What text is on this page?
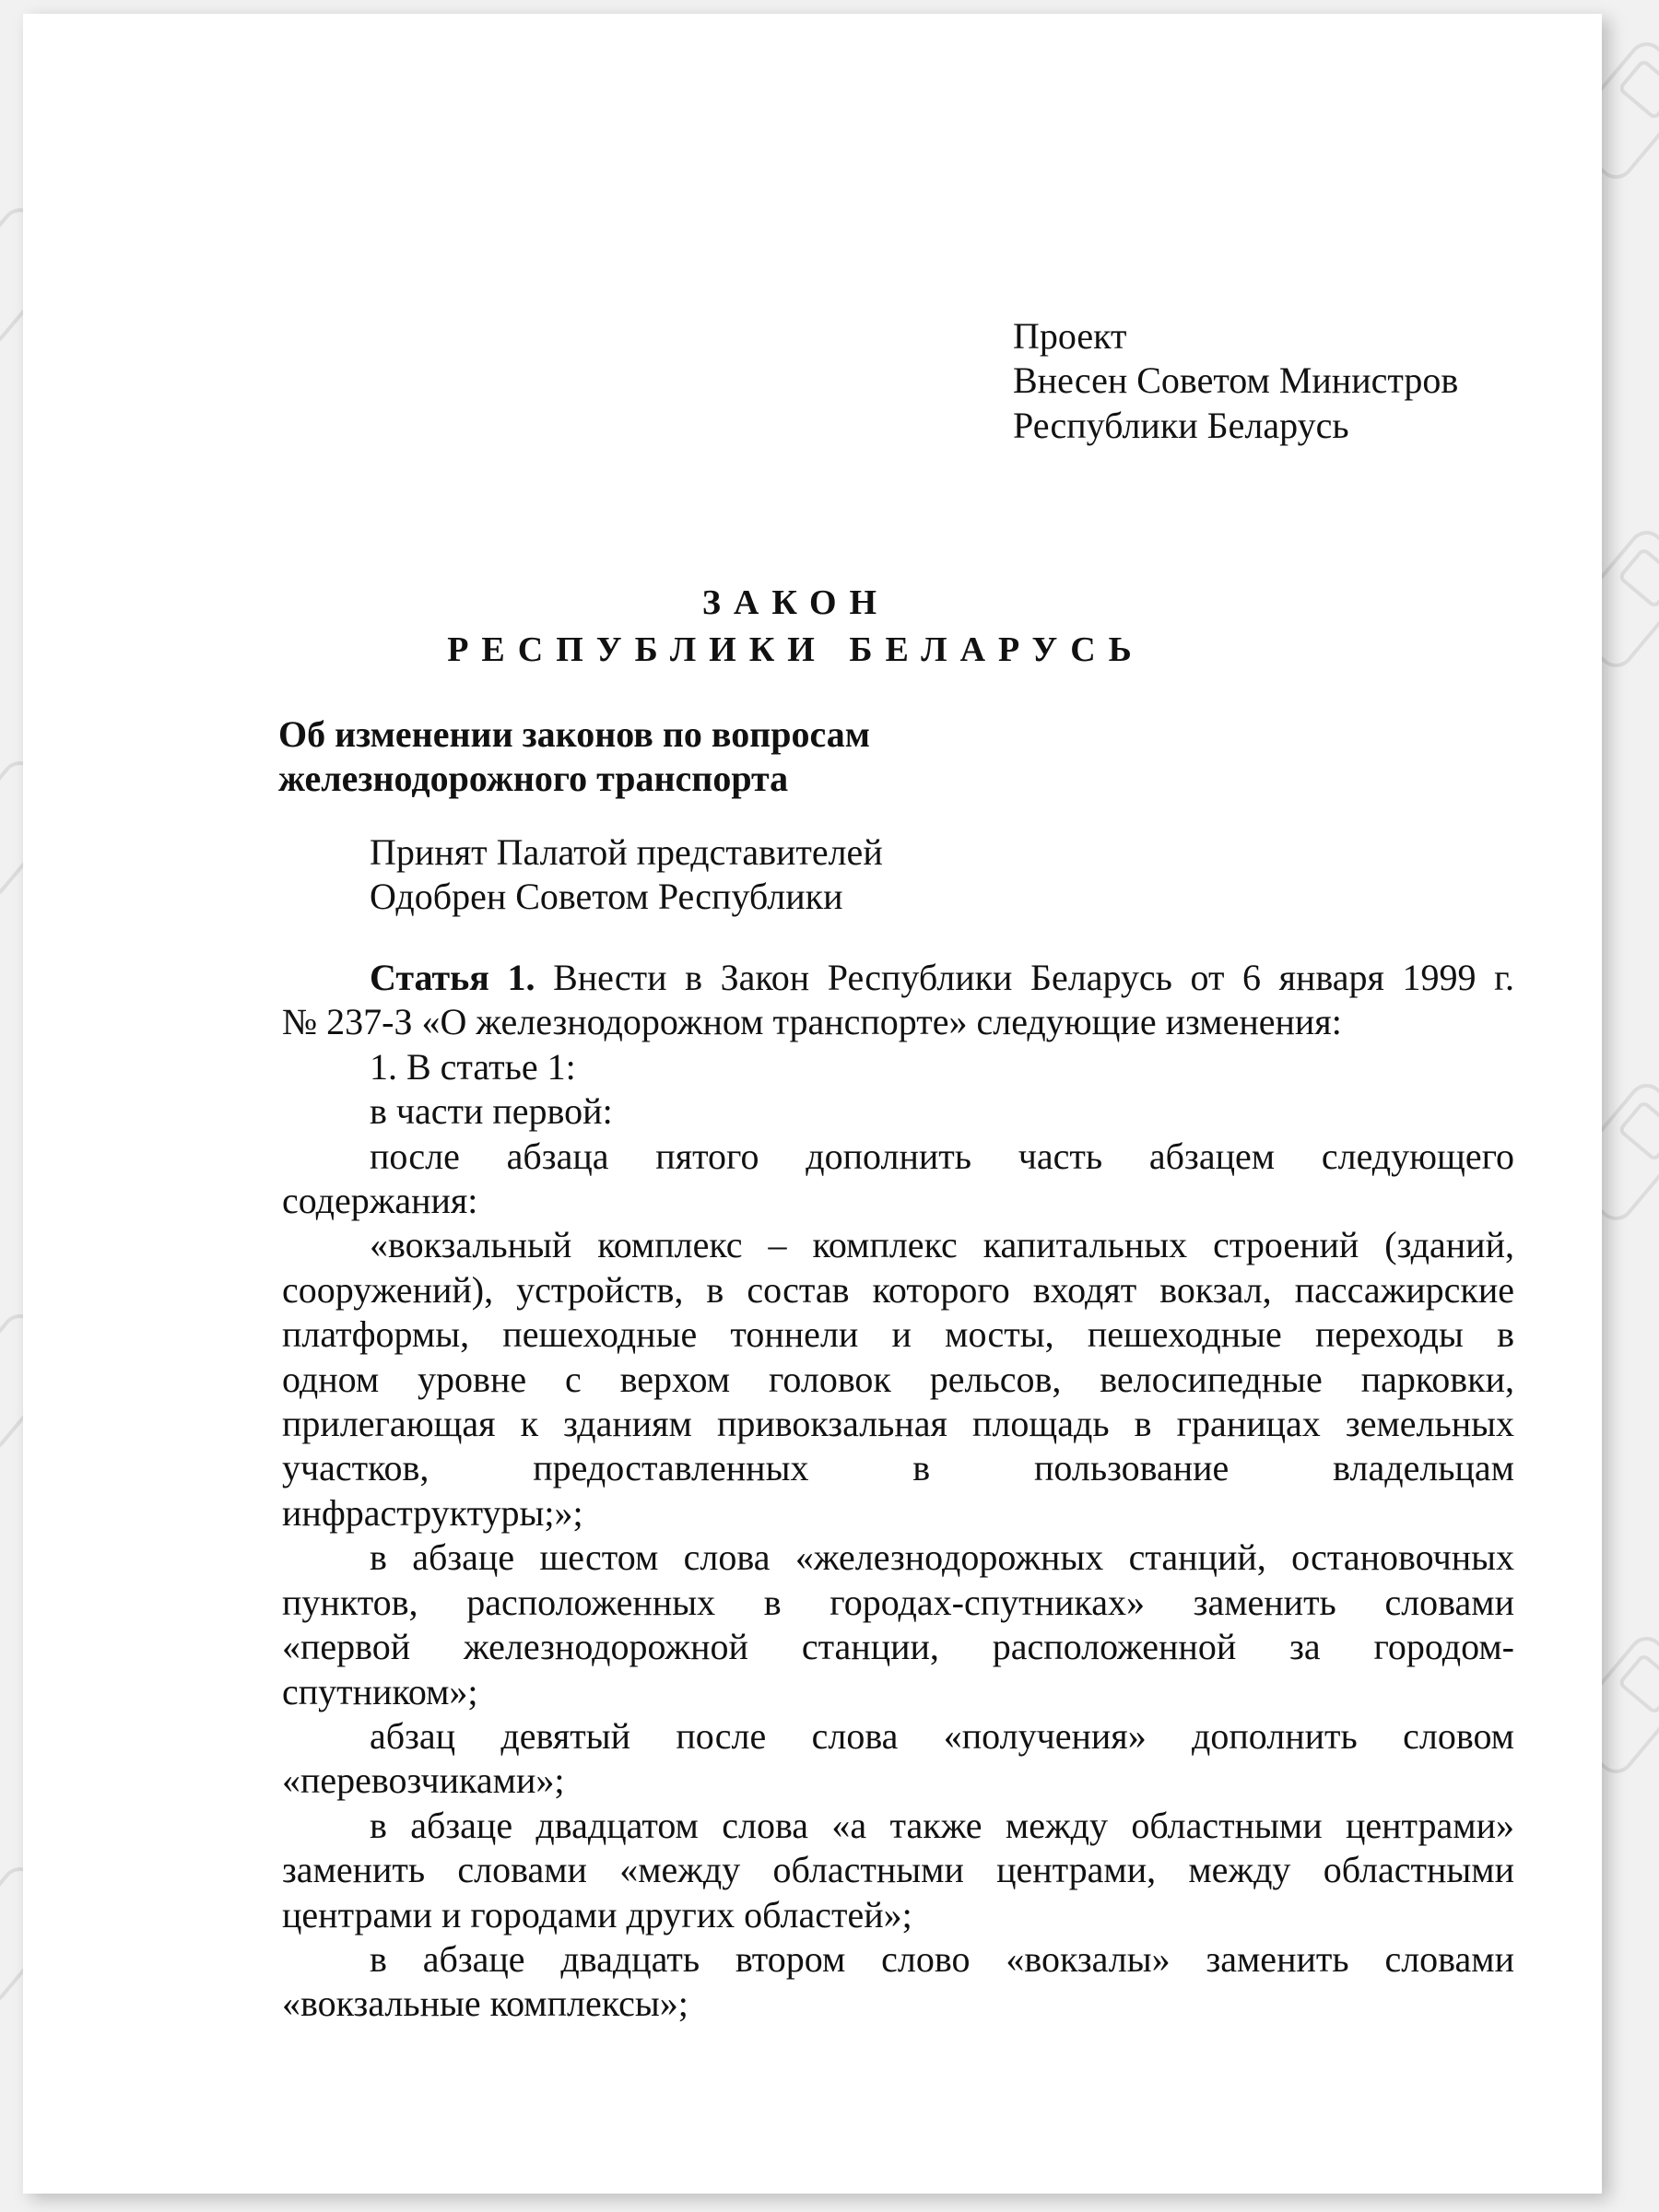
Проект
Внесен Советом Министров
Республики Беларусь
ЗАКОН
РЕСПУБЛИКИ БЕЛАРУСЬ
Об изменении законов по вопросам
железнодорожного транспорта
Принят Палатой представителей
Одобрен Советом Республики
Статья 1. Внести в Закон Республики Беларусь от 6 января 1999 г.
№ 237-З «О железнодорожном транспорте» следующие изменения:
1. В статье 1:
в части первой:
после абзаца пятого дополнить часть абзацем следующего
содержания:
«вокзальный комплекс – комплекс капитальных строений (зданий,
сооружений), устройств, в состав которого входят вокзал, пассажирские
платформы, пешеходные тоннели и мосты, пешеходные переходы в
одном уровне с верхом головок рельсов, велосипедные парковки,
прилегающая к зданиям привокзальная площадь в границах земельных
участков, предоставленных в пользование владельцам
инфраструктуры;»;
в абзаце шестом слова «железнодорожных станций, остановочных
пунктов, расположенных в городах-спутниках» заменить словами
«первой железнодорожной станции, расположенной за городом-
спутником»;
абзац девятый после слова «получения» дополнить словом
«перевозчиками»;
в абзаце двадцатом слова «а также между областными центрами»
заменить словами «между областными центрами, между областными
центрами и городами других областей»;
в абзаце двадцать втором слово «вокзалы» заменить словами
«вокзальные комплексы»;
